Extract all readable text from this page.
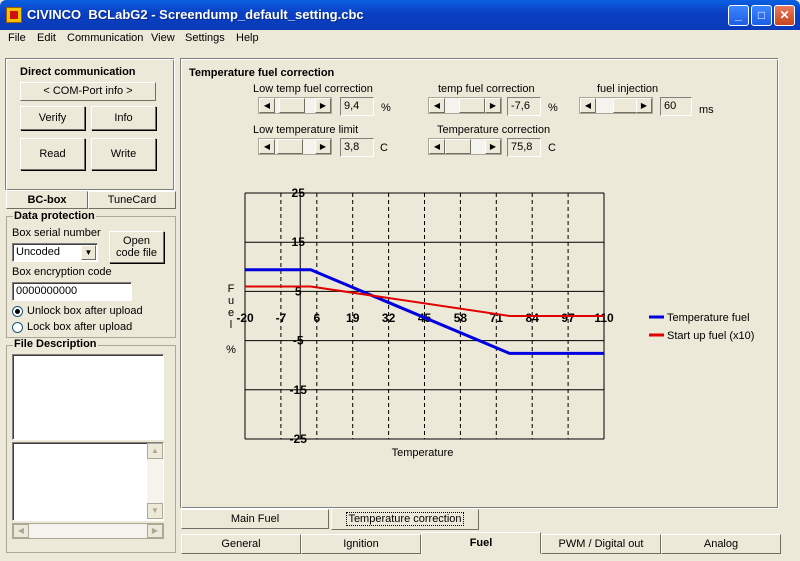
CIVINCO  BCLabG2 - Screendump_default_setting.cbc	_	□	✕
File Edit Communication View Settings Help
Direct communication
< COM-Port info >
Verify	Info
Read	Write
BC-box	TuneCard
Data protection
Box serial number
Uncoded	▼
Open
code file
Box encryption code
0000000000
Unlock box after upload
Lock box after upload
File Description
▲
▼
◀	▶
Temperature fuel correction
Low temp fuel correction
◀	▶	9,4	%
temp fuel correction
◀	▶	-7,6	%
fuel injection
◀	▶	60	ms
Low temperature limit
◀	▶	3,8	C
Temperature correction
◀	▶	75,8	C
-20 -7 6 19 32 45 58 71 84 97 110
25
15
5
-5
-15
-25
F
u
e
l
%
Temperature
Temperature fuel
Start up fuel (x10)
Main Fuel	Temperature correction
General	Ignition	Fuel	PWM / Digital out	Analog
